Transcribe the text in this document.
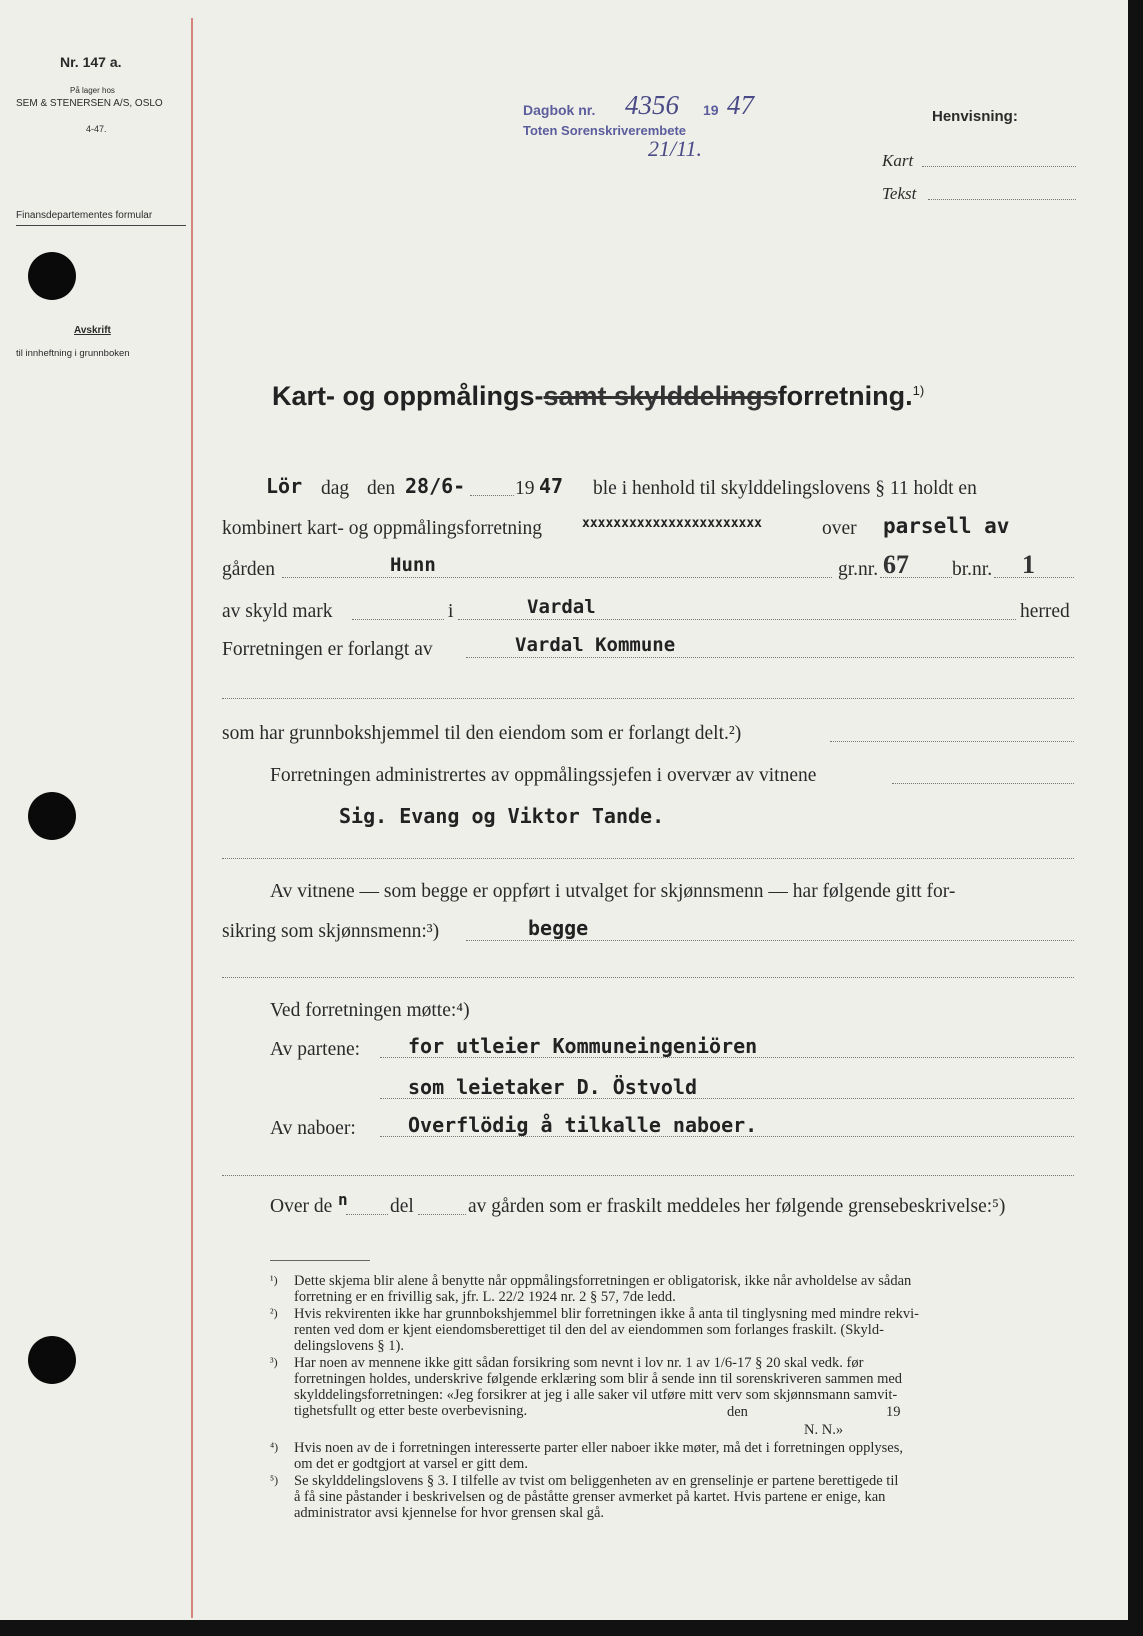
Nr. 147 a.
På lager hos
SEM & STENERSEN A/S, OSLO
4-47.
Finansdepartementes formular
Avskrift
til innheftning i grunnboken
Dagbok nr. 4356 19 47
Toten Sorenskriverembete
21/11.
Henvisning:
Kart
Tekst
Kart- og oppmålings-samt skylddelingsforretning.$^{1)}$
Lör dag den 28/6-	19 47 ble i henhold til skylddelingslovens § 11 holdt en
kombinert kart- og oppmålingsforretning	xxxxxxxxxxxxxxxxxxxxxxx	over parsell av
gården	Hunn	gr.nr. 67 br.nr. 1
av skyld mark	i	Vardal	herred
Forretningen er forlangt av	Vardal Kommune
som har grunnbokshjemmel til den eiendom som er forlangt delt.²)
Forretningen administrertes av oppmålingssjefen i overvær av vitnene
Sig. Evang og Viktor Tande.
Av vitnene — som begge er oppført i utvalget for skjønnsmenn — har følgende gitt for-
sikring som skjønnsmenn:³)	begge
Ved forretningen møtte:⁴)
Av partene: for utleier Kommuneingeniören
som leietaker D. Östvold
Av naboer:	Overflödig å tilkalle naboer.
Over de n del	av gården som er fraskilt meddeles her følgende grensebeskrivelse:⁵)
¹) Dette skjema blir alene å benytte når oppmålingsforretningen er obligatorisk, ikke når avholdelse av sådan
forretning er en frivillig sak, jfr. L. 22/2 1924 nr. 2 § 57, 7de ledd.
²) Hvis rekvirenten ikke har grunnbokshjemmel blir forretningen ikke å anta til tinglysning med mindre rekvi-
renten ved dom er kjent eiendomsberettiget til den del av eiendommen som forlanges fraskilt. (Skyld-
delingslovens § 1).
³) Har noen av mennene ikke gitt sådan forsikring som nevnt i lov nr. 1 av 1/6-17 § 20 skal vedk. før
forretningen holdes, underskrive følgende erklæring som blir å sende inn til sorenskriveren sammen med
skylddelingsforretningen: «Jeg forsikrer at jeg i alle saker vil utføre mitt verv som skjønnsmann samvit-
tighetsfullt og etter beste overbevisning.	den	19
N. N.»
⁴) Hvis noen av de i forretningen interesserte parter eller naboer ikke møter, må det i forretningen opplyses,
om det er godtgjort at varsel er gitt dem.
⁵) Se skylddelingslovens § 3. I tilfelle av tvist om beliggenheten av en grenselinje er partene berettigede til
å få sine påstander i beskrivelsen og de påståtte grenser avmerket på kartet. Hvis partene er enige, kan
administrator avsi kjennelse for hvor grensen skal gå.
